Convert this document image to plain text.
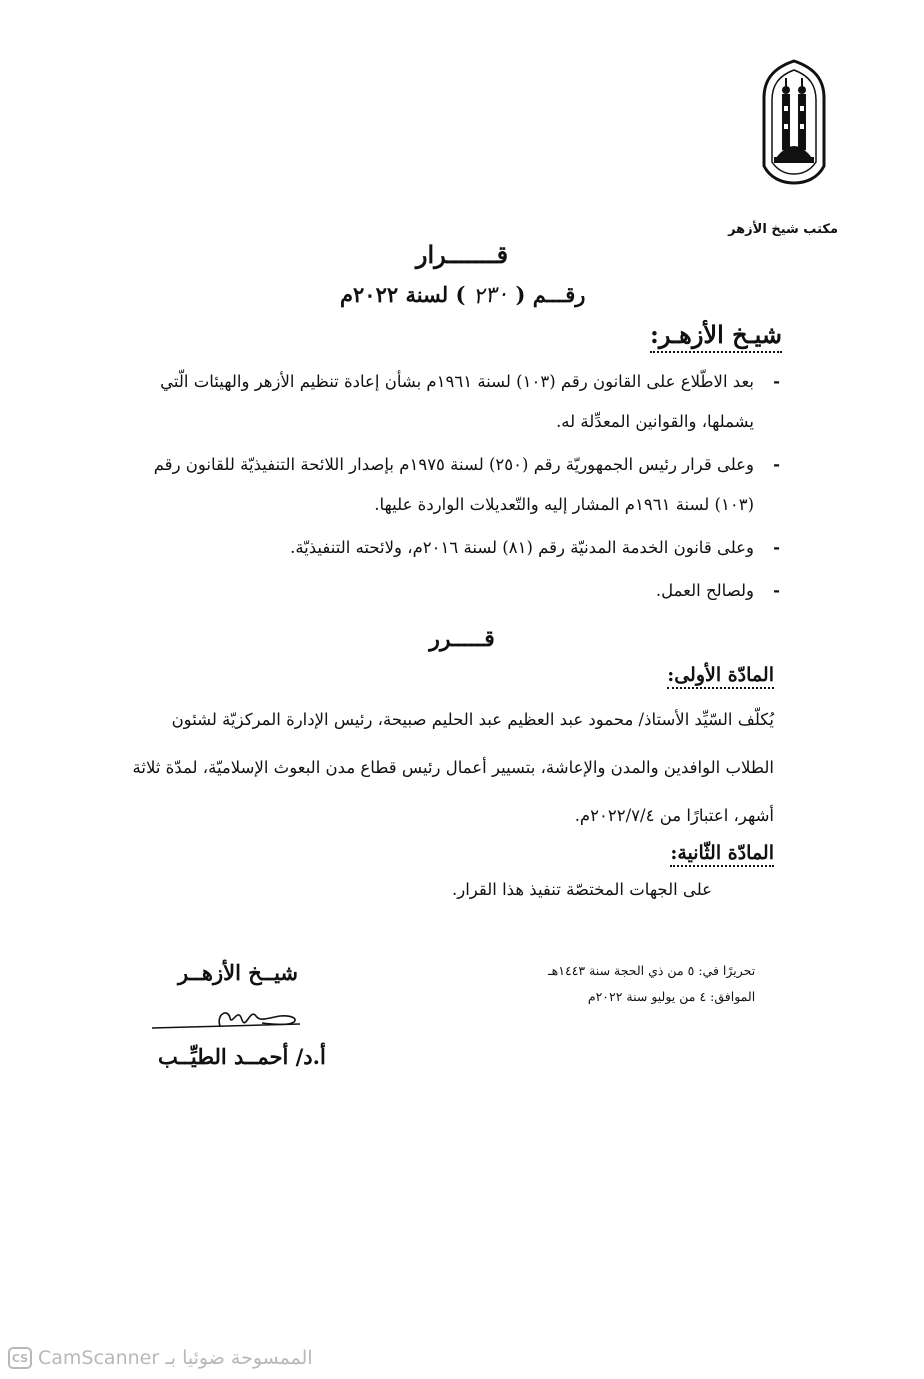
مكتب شيخ الأزهر
قـــــــرار
رقـــم ( ٢٣٠ ) لسنة ٢٠٢٢م
شيـخ الأزهـر:
-
بعد الاطّلاع على القانون رقم (١٠٣) لسنة ١٩٦١م بشأن إعادة تنظيم الأزهر والهيئات الّتي يشملها، والقوانين المعدِّلة له.
-
وعلى قرار رئيس الجمهوريّة رقم (٢٥٠) لسنة ١٩٧٥م بإصدار اللائحة التنفيذيّة للقانون رقم (١٠٣) لسنة ١٩٦١م المشار إليه والتّعديلات الواردة عليها.
-
وعلى قانون الخدمة المدنيّة رقم (٨١) لسنة ٢٠١٦م، ولائحته التنفيذيّة.
-
ولصالح العمل.
قـــــرر
المادّة الأولى:
يُكلّف السّيِّد الأستاذ/ محمود عبد العظيم عبد الحليم صبيحة، رئيس الإدارة المركزيّة لشئون الطلاب الوافدين والمدن والإعاشة، بتسيير أعمال رئيس قطاع مدن البعوث الإسلاميّة، لمدّة ثلاثة أشهر، اعتبارًا من ٢٠٢٢/٧/٤م.
المادّة الثّانية:
على الجهات المختصّة تنفيذ هذا القرار.
تحريرًا في: ٥ من ذي الحجة سنة ١٤٤٣هـ
الموافق: ٤ من يوليو سنة ٢٠٢٢م
شيــخ الأزهــر
أ.د/ أحمــد الطيِّــب
CS CamScanner الممسوحة ضوئيا بـ
